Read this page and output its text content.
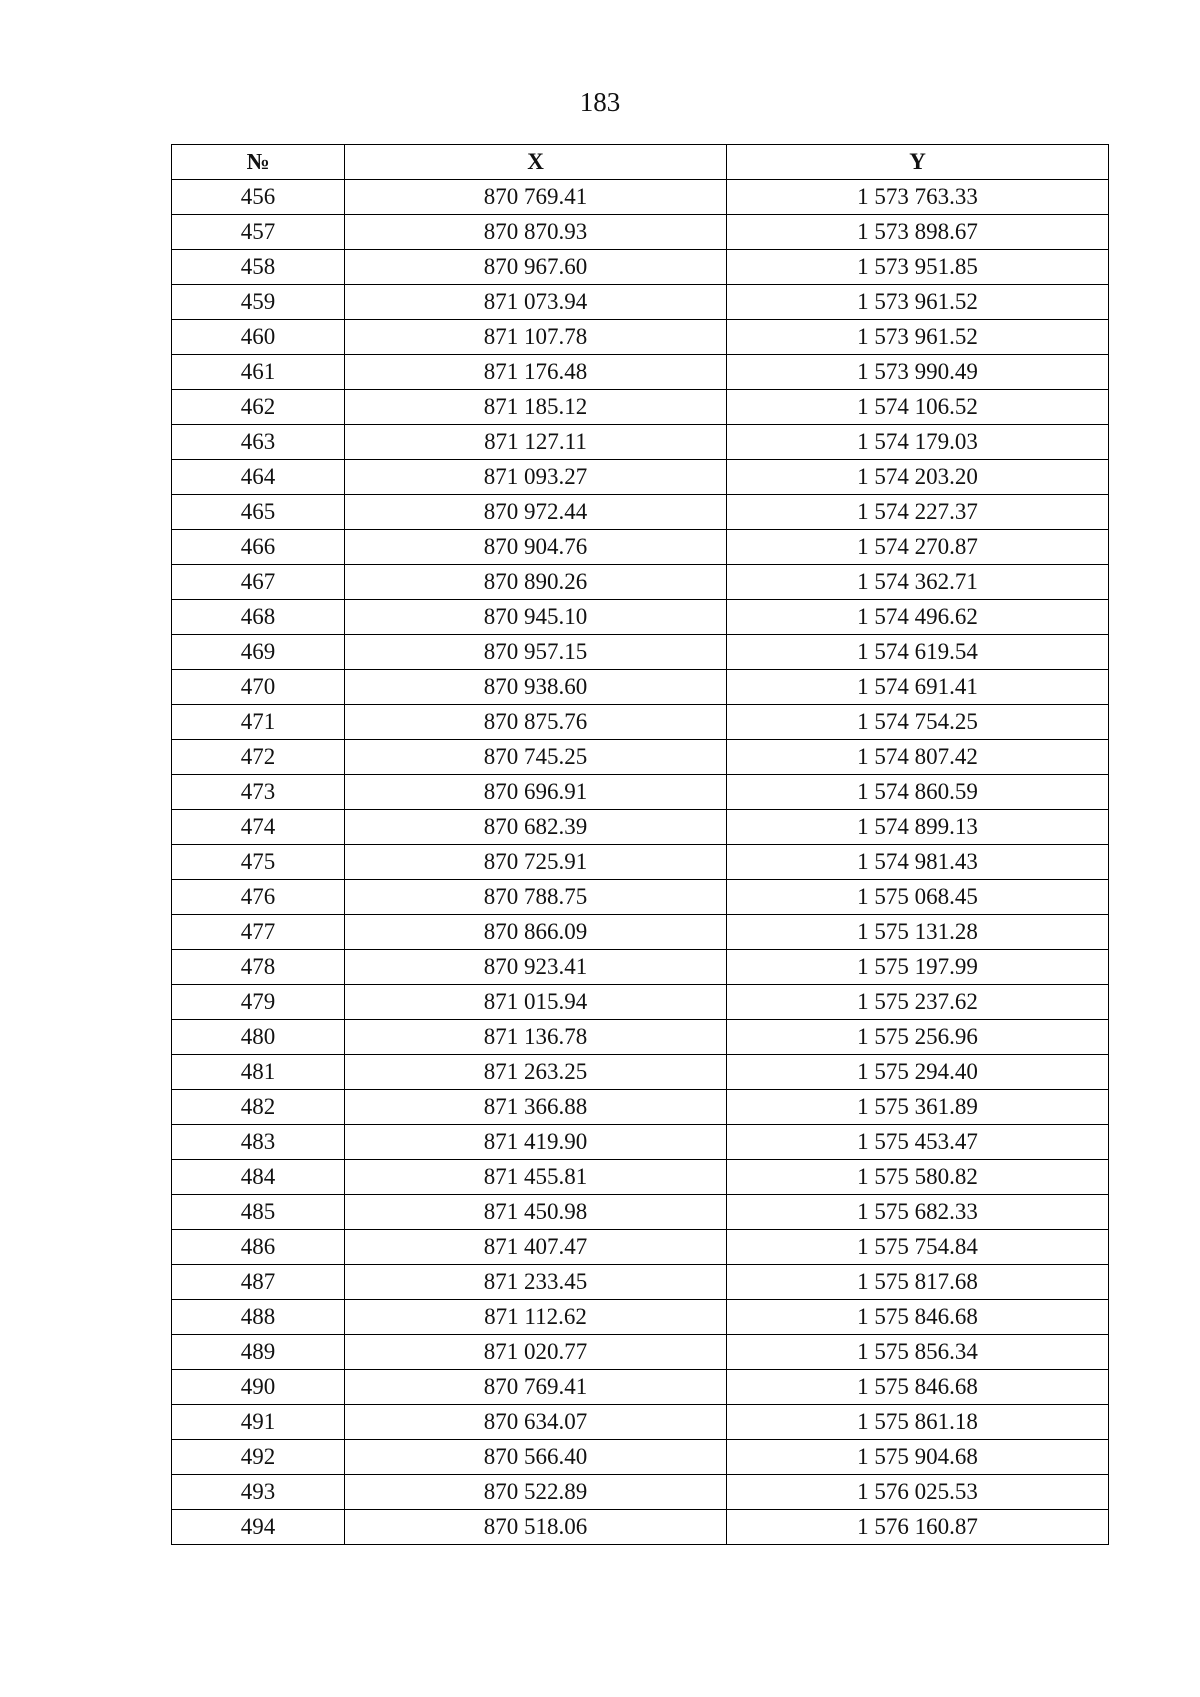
183
№	X	Y
456	870 769.41	1 573 763.33
457	870 870.93	1 573 898.67
458	870 967.60	1 573 951.85
459	871 073.94	1 573 961.52
460	871 107.78	1 573 961.52
461	871 176.48	1 573 990.49
462	871 185.12	1 574 106.52
463	871 127.11	1 574 179.03
464	871 093.27	1 574 203.20
465	870 972.44	1 574 227.37
466	870 904.76	1 574 270.87
467	870 890.26	1 574 362.71
468	870 945.10	1 574 496.62
469	870 957.15	1 574 619.54
470	870 938.60	1 574 691.41
471	870 875.76	1 574 754.25
472	870 745.25	1 574 807.42
473	870 696.91	1 574 860.59
474	870 682.39	1 574 899.13
475	870 725.91	1 574 981.43
476	870 788.75	1 575 068.45
477	870 866.09	1 575 131.28
478	870 923.41	1 575 197.99
479	871 015.94	1 575 237.62
480	871 136.78	1 575 256.96
481	871 263.25	1 575 294.40
482	871 366.88	1 575 361.89
483	871 419.90	1 575 453.47
484	871 455.81	1 575 580.82
485	871 450.98	1 575 682.33
486	871 407.47	1 575 754.84
487	871 233.45	1 575 817.68
488	871 112.62	1 575 846.68
489	871 020.77	1 575 856.34
490	870 769.41	1 575 846.68
491	870 634.07	1 575 861.18
492	870 566.40	1 575 904.68
493	870 522.89	1 576 025.53
494	870 518.06	1 576 160.87
